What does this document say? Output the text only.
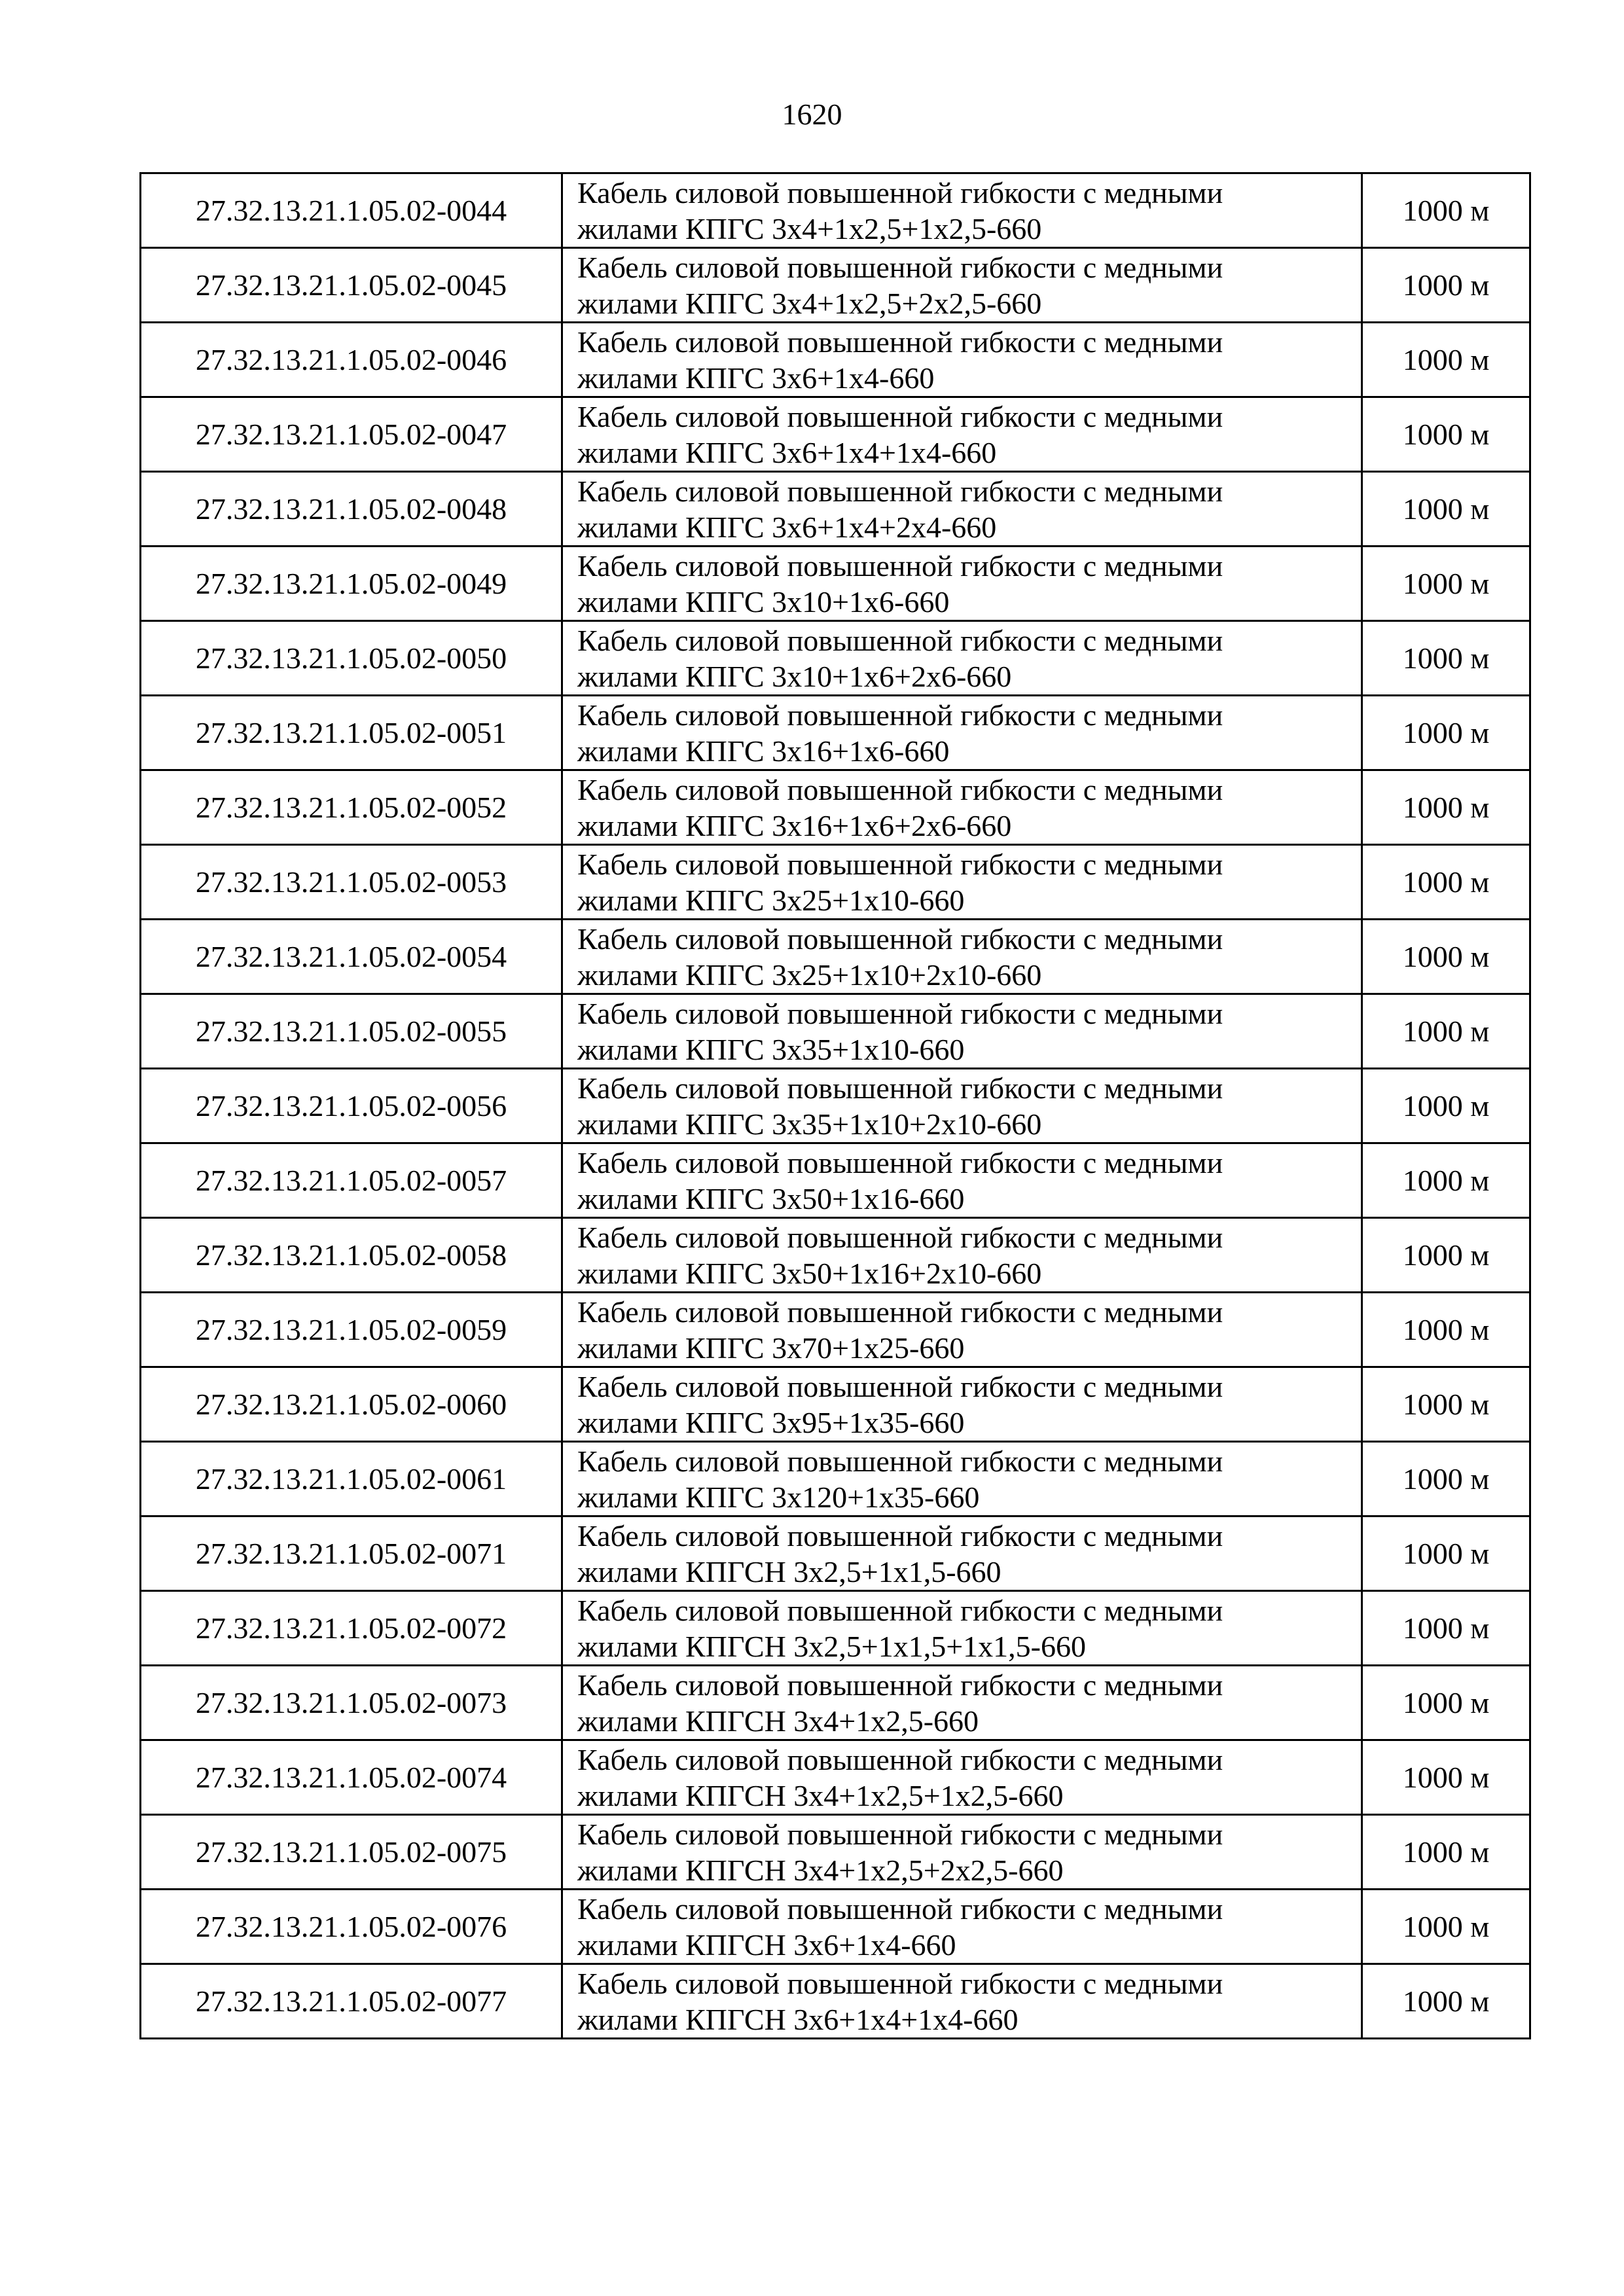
1620
27.32.13.21.1.05.02-0044	Кабель силовой повышенной гибкости с медными
жилами КПГС 3х4+1х2,5+1х2,5-660	1000 м
27.32.13.21.1.05.02-0045	Кабель силовой повышенной гибкости с медными
жилами КПГС 3х4+1х2,5+2х2,5-660	1000 м
27.32.13.21.1.05.02-0046	Кабель силовой повышенной гибкости с медными
жилами КПГС 3х6+1х4-660	1000 м
27.32.13.21.1.05.02-0047	Кабель силовой повышенной гибкости с медными
жилами КПГС 3х6+1х4+1х4-660	1000 м
27.32.13.21.1.05.02-0048	Кабель силовой повышенной гибкости с медными
жилами КПГС 3х6+1х4+2х4-660	1000 м
27.32.13.21.1.05.02-0049	Кабель силовой повышенной гибкости с медными
жилами КПГС 3х10+1х6-660	1000 м
27.32.13.21.1.05.02-0050	Кабель силовой повышенной гибкости с медными
жилами КПГС 3х10+1х6+2х6-660	1000 м
27.32.13.21.1.05.02-0051	Кабель силовой повышенной гибкости с медными
жилами КПГС 3х16+1х6-660	1000 м
27.32.13.21.1.05.02-0052	Кабель силовой повышенной гибкости с медными
жилами КПГС 3х16+1х6+2х6-660	1000 м
27.32.13.21.1.05.02-0053	Кабель силовой повышенной гибкости с медными
жилами КПГС 3х25+1х10-660	1000 м
27.32.13.21.1.05.02-0054	Кабель силовой повышенной гибкости с медными
жилами КПГС 3х25+1х10+2х10-660	1000 м
27.32.13.21.1.05.02-0055	Кабель силовой повышенной гибкости с медными
жилами КПГС 3х35+1х10-660	1000 м
27.32.13.21.1.05.02-0056	Кабель силовой повышенной гибкости с медными
жилами КПГС 3х35+1х10+2х10-660	1000 м
27.32.13.21.1.05.02-0057	Кабель силовой повышенной гибкости с медными
жилами КПГС 3х50+1х16-660	1000 м
27.32.13.21.1.05.02-0058	Кабель силовой повышенной гибкости с медными
жилами КПГС 3х50+1х16+2х10-660	1000 м
27.32.13.21.1.05.02-0059	Кабель силовой повышенной гибкости с медными
жилами КПГС 3х70+1х25-660	1000 м
27.32.13.21.1.05.02-0060	Кабель силовой повышенной гибкости с медными
жилами КПГС 3х95+1х35-660	1000 м
27.32.13.21.1.05.02-0061	Кабель силовой повышенной гибкости с медными
жилами КПГС 3х120+1х35-660	1000 м
27.32.13.21.1.05.02-0071	Кабель силовой повышенной гибкости с медными
жилами КПГСН 3х2,5+1х1,5-660	1000 м
27.32.13.21.1.05.02-0072	Кабель силовой повышенной гибкости с медными
жилами КПГСН 3х2,5+1х1,5+1х1,5-660	1000 м
27.32.13.21.1.05.02-0073	Кабель силовой повышенной гибкости с медными
жилами КПГСН 3х4+1х2,5-660	1000 м
27.32.13.21.1.05.02-0074	Кабель силовой повышенной гибкости с медными
жилами КПГСН 3х4+1х2,5+1х2,5-660	1000 м
27.32.13.21.1.05.02-0075	Кабель силовой повышенной гибкости с медными
жилами КПГСН 3х4+1х2,5+2х2,5-660	1000 м
27.32.13.21.1.05.02-0076	Кабель силовой повышенной гибкости с медными
жилами КПГСН 3х6+1х4-660	1000 м
27.32.13.21.1.05.02-0077	Кабель силовой повышенной гибкости с медными
жилами КПГСН 3х6+1х4+1х4-660	1000 м
